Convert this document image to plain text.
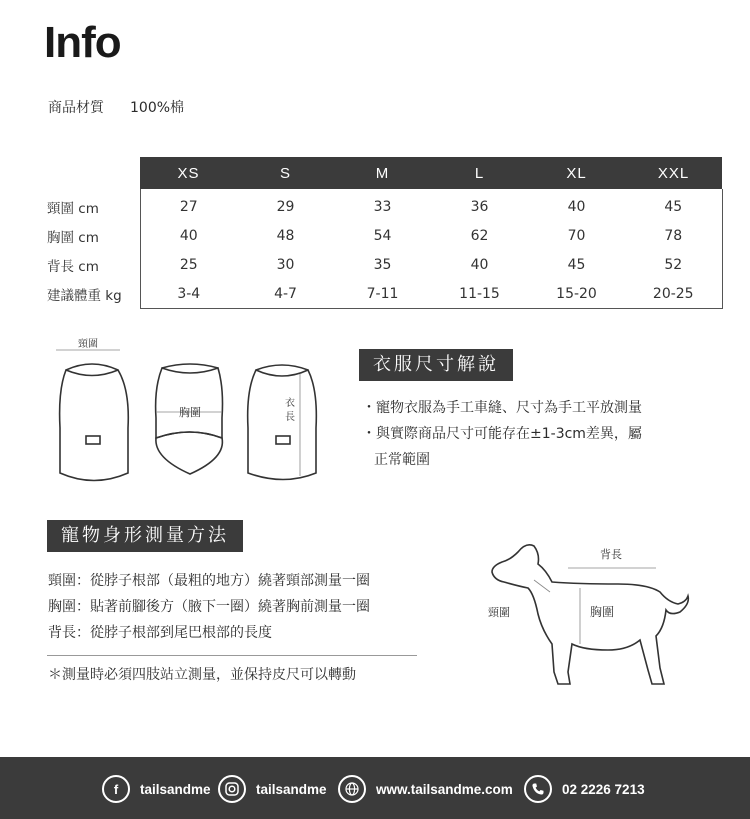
Info
商品材質 100%棉
	XS	S	M	L	XL	XXL
頸圍 cm	27	29	33	36	40	45
胸圍 cm	40	48	54	62	70	78
背長 cm	25	30	35	40	45	52
建議體重 kg	3-4	4-7	7-11	11-15	15-20	20-25
頸圍
胸圍
衣
長
衣服尺寸解說
・寵物衣服為手工車縫、尺寸為手工平放測量
・與實際商品尺寸可能存在±1-3cm差異，屬
正常範圍
寵物身形測量方法
頸圍：從脖子根部（最粗的地方）繞著頸部測量一圈
胸圍：貼著前腳後方（腋下一圈）繞著胸前測量一圈
背長：從脖子根部到尾巴根部的長度
＊測量時必須四肢站立測量，並保持皮尺可以轉動
背長
頸圍	胸圍
f	tailsandme	tailsandme	www.tailsandme.com	02 2226 7213
